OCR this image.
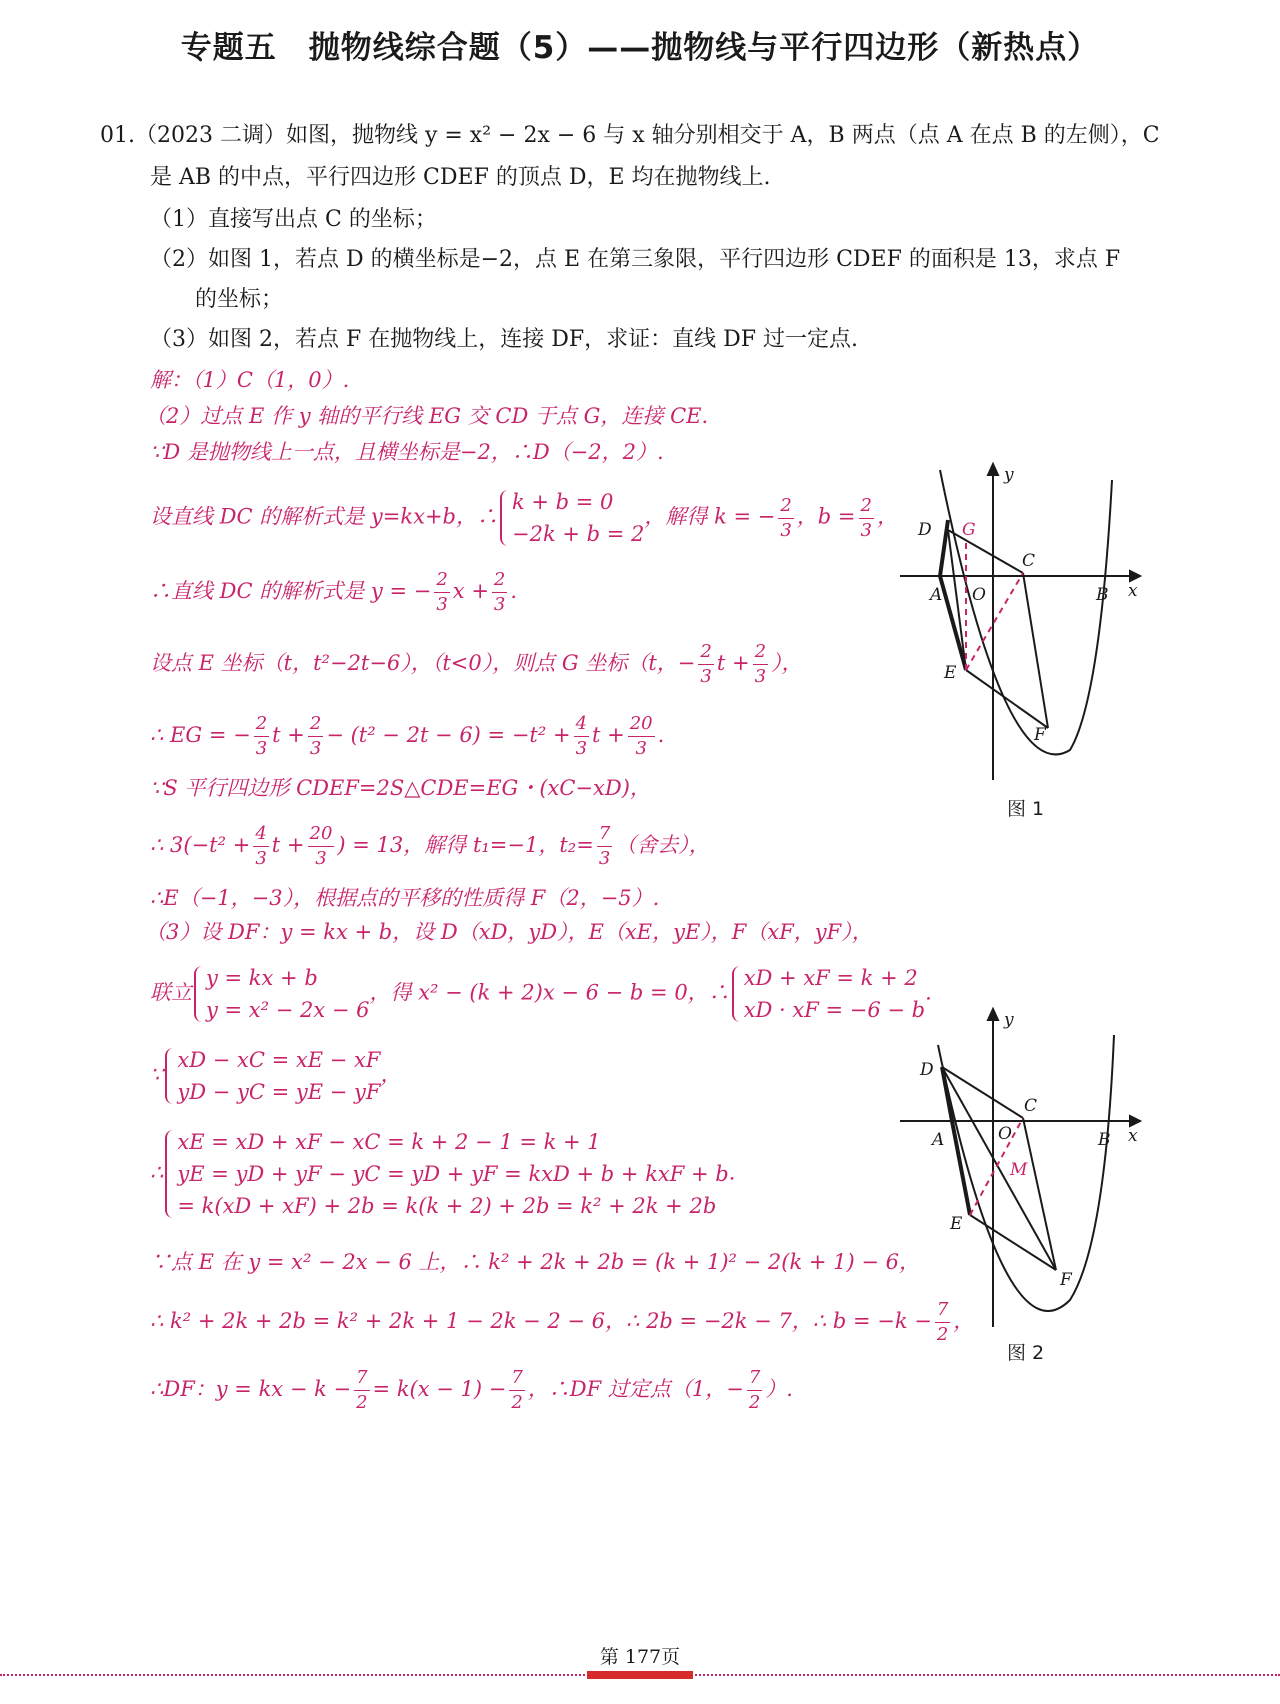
专题五　抛物线综合题（5）——抛物线与平行四边形（新热点）
01.（2023 二调）如图，抛物线 y = x² − 2x − 6 与 x 轴分别相交于 A，B 两点（点 A 在点 B 的左侧），C
是 AB 的中点，平行四边形 CDEF 的顶点 D，E 均在抛物线上.
（1）直接写出点 C 的坐标；
（2）如图 1，若点 D 的横坐标是−2，点 E 在第三象限，平行四边形 CDEF 的面积是 13，求点 F
的坐标；
（3）如图 2，若点 F 在抛物线上，连接 DF，求证：直线 DF 过一定点.
解：（1）C（1，0）.
（2）过点 E 作 y 轴的平行线 EG 交 CD 于点 G，连接 CE.
∵D 是抛物线上一点，且横坐标是−2，∴D（−2，2）.
设直线 DC 的解析式是 y=kx+b，∴
k + b = 0
−2k + b = 2
，解得 k = − $\frac{2}{3}$ ，$b = \frac{2}{3}$ ，
∴直线 DC 的解析式是 y = − $\frac{2}{3}$ $x + \frac{2}{3}$ .
设点 E 坐标（t，t²−2t−6），（t<0），则点 G 坐标（t，− $\frac{2}{3}$ $t + \frac{2}{3}$ ），
∴ EG = − $\frac{2}{3}$ $t + \frac{2}{3} - (t^2 - 2t - 6) = -t^2 + \frac{4}{3}$ $t + \frac{20}{3}$ .
∵S 平行四边形 CDEF=2S△CDE=EG・(xC−xD)，
∴ $3(-t^2 + \frac{4}{3}$ $t + \frac{20}{3}$ ) = 13，解得 t₁=−1，$t_2= \frac{7}{3}$ （舍去），
∴E（−1，−3），根据点的平移的性质得 F（2，−5）.
（3）设 DF：y = kx + b，设 D（xD，yD），E（xE，yE），F（xF，yF），
联立
y = kx + b
y = x² − 2x − 6
，得 x² − (k + 2)x − 6 − b = 0，∴
xD + xF = k + 2
xD · xF = −6 − b
.
∵
xD − xC = xE − xF
yD − yC = yE − yF
，
∴
xE = xD + xF − xC = k + 2 − 1 = k + 1
yE = yD + yF − yC = yD + yF = kxD + b + kxF + b
= k(xD + xF) + 2b = k(k + 2) + 2b = k² + 2k + 2b
.
∵点 E 在 y = x² − 2x − 6 上，∴ k² + 2k + 2b = (k + 1)² − 2(k + 1) − 6，
∴ k² + 2k + 2b = k² + 2k + 1 − 2k − 2 − 6，∴ 2b = −2k − 7，∴ $b = -k - \frac{7}{2}$ ，
∴DF：y = kx − $k - \frac{7}{2} = k(x - 1) - \frac{7}{2}$ ，∴DF 过定点（1，− $\frac{7}{2}$ ）.
y
x
D G
C
A O	B
E
F
图 1
y
x
D
C
A	O	B
M
E
F
图 2
第 177页
